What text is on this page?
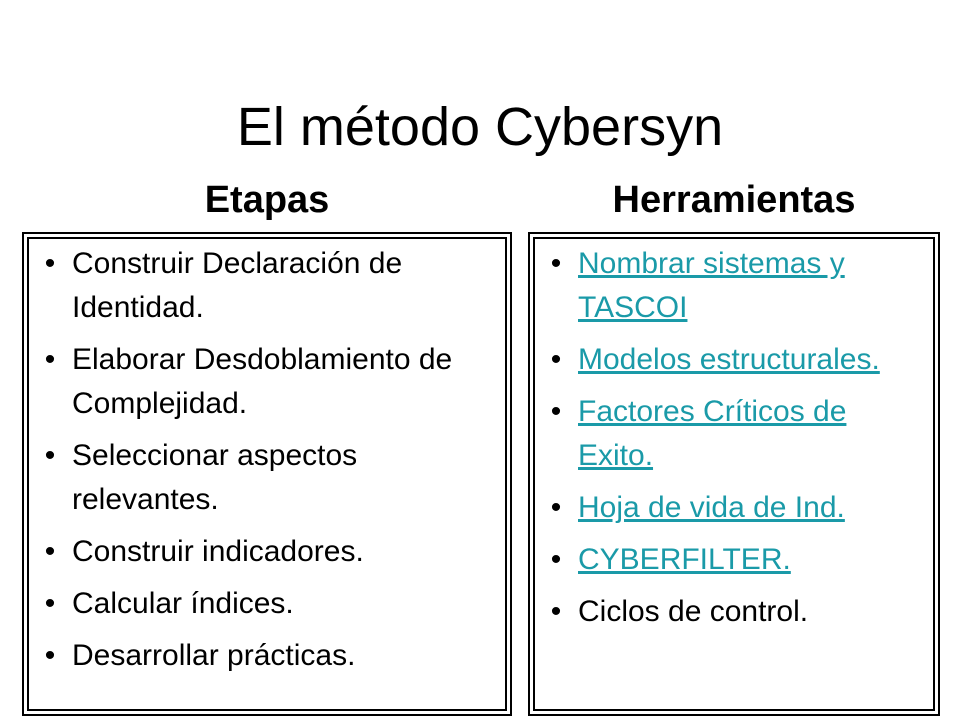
El método Cybersyn
Etapas	Herramientas
• Construir Declaración de Identidad.
• Elaborar Desdoblamiento de Complejidad.
• Seleccionar aspectos relevantes.
• Construir indicadores.
• Calcular índices.
• Desarrollar prácticas.
• Nombrar sistemas y TASCOI
• Modelos estructurales.
• Factores Críticos de Exito.
• Hoja de vida de Ind.
• CYBERFILTER.
• Ciclos de control.
